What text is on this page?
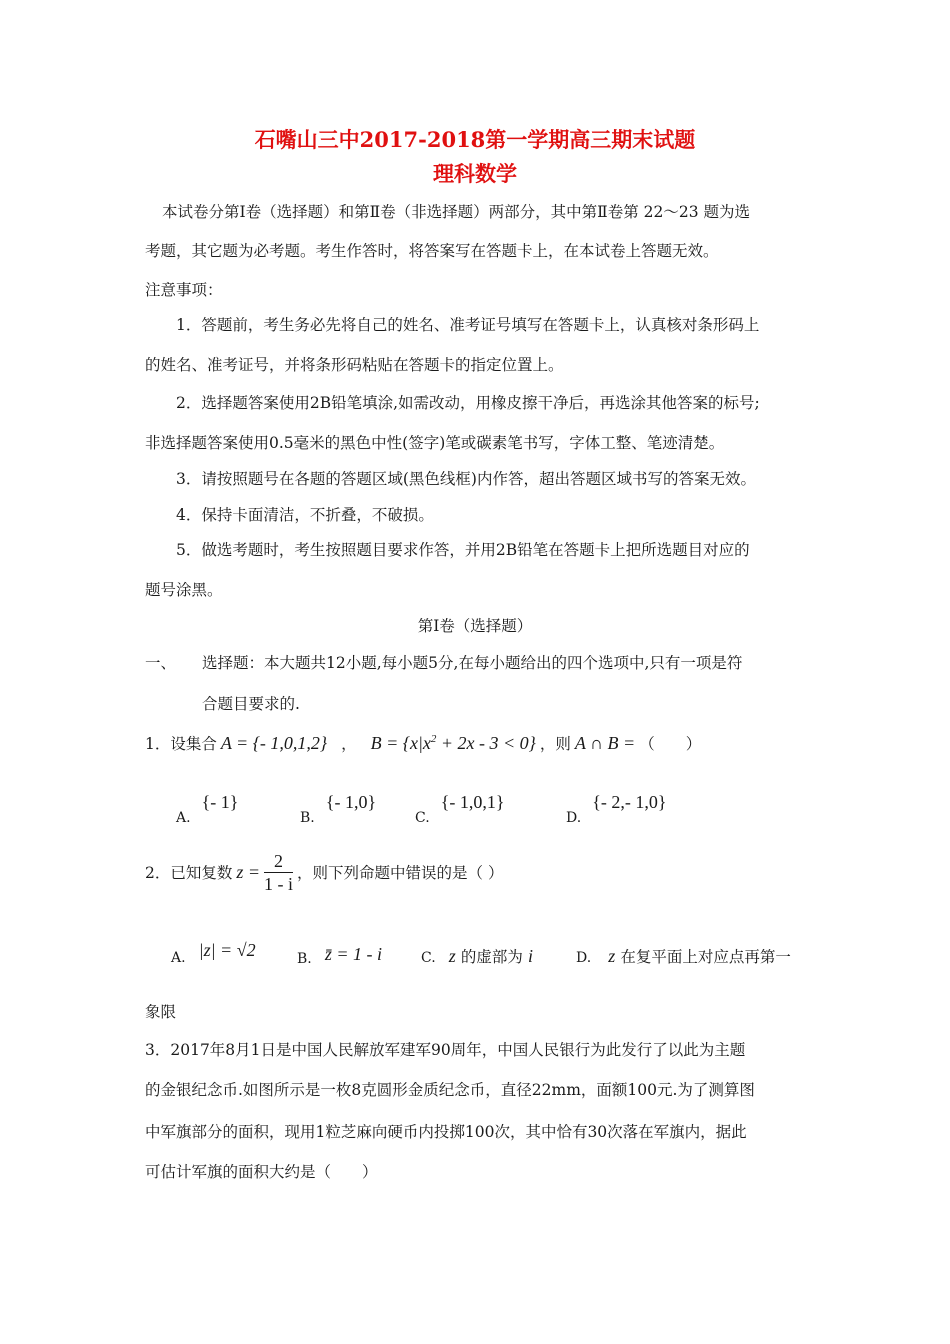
石嘴山三中2017-2018第一学期高三期末试题
理科数学
本试卷分第Ⅰ卷（选择题）和第Ⅱ卷（非选择题）两部分，其中第Ⅱ卷第 22～23 题为选
考题，其它题为必考题。考生作答时，将答案写在答题卡上，在本试卷上答题无效。
注意事项：
1．答题前，考生务必先将自己的姓名、准考证号填写在答题卡上，认真核对条形码上
的姓名、准考证号，并将条形码粘贴在答题卡的指定位置上。
2．选择题答案使用2B铅笔填涂,如需改动，用橡皮擦干净后，再选涂其他答案的标号;
非选择题答案使用0.5毫米的黑色中性(签字)笔或碳素笔书写，字体工整、笔迹清楚。
3．请按照题号在各题的答题区域(黑色线框)内作答，超出答题区域书写的答案无效。
4．保持卡面清洁，不折叠，不破损。
5．做选考题时，考生按照题目要求作答，并用2B铅笔在答题卡上把所选题目对应的
题号涂黑。
第Ⅰ卷（选择题）
一、 选择题：本大题共12小题,每小题5分,在每小题给出的四个选项中,只有一项是符
合题目要求的.
1．设集合 A = {- 1,0,1,2} ， $B = \{x|x^2 + 2x - 3 < 0\}$ ，则 A ∩ B = （　　）
A. {- 1}
B. {- 1,0}
C. {- 1,0,1}
D. {- 2,- 1,0}
2．已知复数 $z = \frac{2}{1 - i}$ ，则下列命题中错误的是（ ）
A. |z| = √2	B. z̄ = 1 - i	C. z 的虚部为 i	D. z 在复平面上对应点再第一
象限
3．2017年8月1日是中国人民解放军建军90周年，中国人民银行为此发行了以此为主题
的金银纪念币.如图所示是一枚8克圆形金质纪念币，直径22mm，面额100元.为了测算图
中军旗部分的面积，现用1粒芝麻向硬币内投掷100次，其中恰有30次落在军旗内，据此
可估计军旗的面积大约是（　　）
